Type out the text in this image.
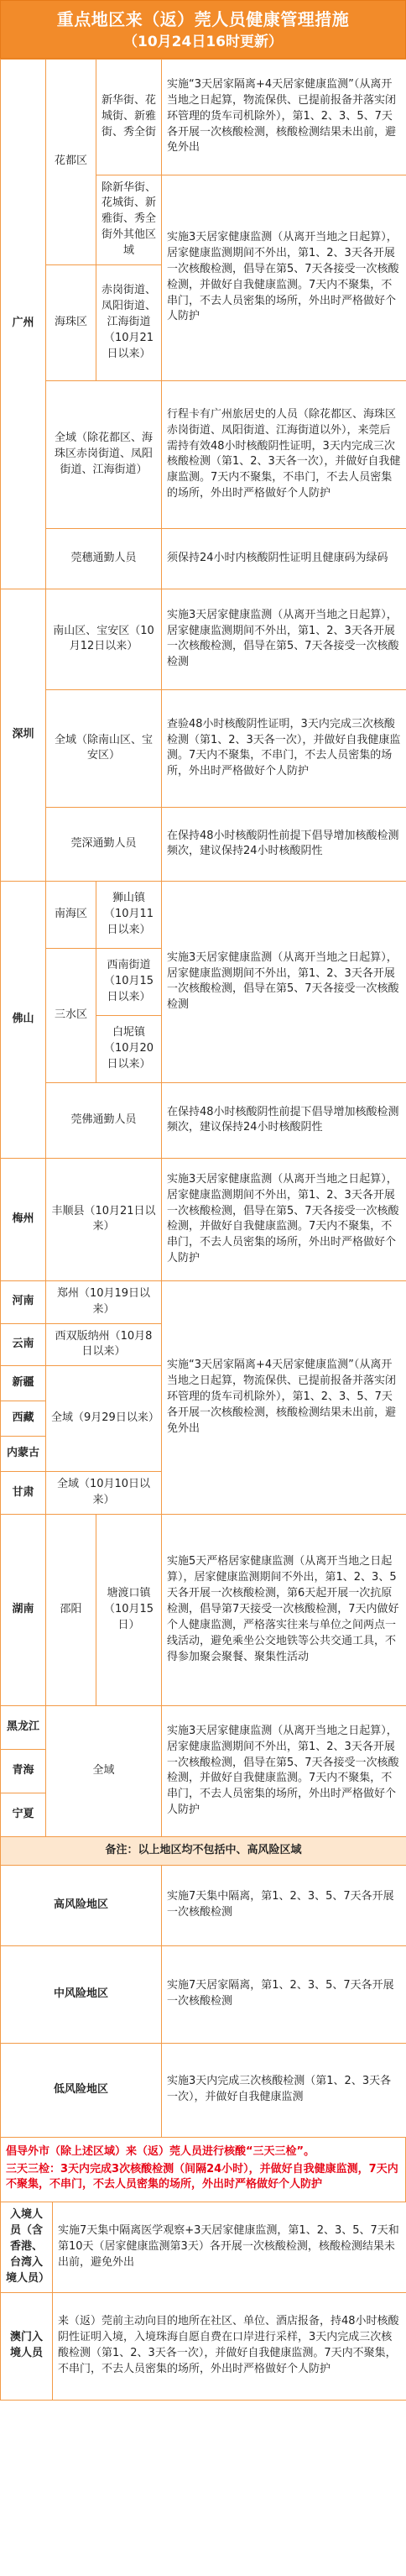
重点地区来（返）莞人员健康管理措施
（10月24日16时更新）
广州	花都区	新华街、花城街、新雅街、秀全街	实施“3天居家隔离+4天居家健康监测”（从离开当地之日起算，物流保供、已提前报备并落实闭环管理的货车司机除外），第1、2、3、5、7天各开展一次核酸检测，核酸检测结果未出前，避免外出
		除新华街、花城街、新雅街、秀全街外其他区域	实施3天居家健康监测（从离开当地之日起算），居家健康监测期间不外出，第1、2、3天各开展一次核酸检测，倡导在第5、7天各接受一次核酸检测，并做好自我健康监测。7天内不聚集，不串门，不去人员密集的场所，外出时严格做好个人防护
	海珠区	赤岗街道、凤阳街道、江海街道（10月21日以来）	
	全域（除花都区、海珠区赤岗街道、凤阳街道、江海街道）		行程卡有广州旅居史的人员（除花都区、海珠区赤岗街道、凤阳街道、江海街道以外），来莞后需持有效48小时核酸阴性证明，3天内完成三次核酸检测（第1、2、3天各一次），并做好自我健康监测。7天内不聚集，不串门，不去人员密集的场所，外出时严格做好个人防护
	莞穗通勤人员		须保持24小时内核酸阴性证明且健康码为绿码
深圳	南山区、宝安区（10月12日以来）		实施3天居家健康监测（从离开当地之日起算），居家健康监测期间不外出，第1、2、3天各开展一次核酸检测，倡导在第5、7天各接受一次核酸检测
	全域（除南山区、宝安区）		查验48小时核酸阴性证明，3天内完成三次核酸检测（第1、2、3天各一次），并做好自我健康监测。7天内不聚集，不串门，不去人员密集的场所，外出时严格做好个人防护
	莞深通勤人员		在保持48小时核酸阴性前提下倡导增加核酸检测频次，建议保持24小时核酸阴性
佛山	南海区	狮山镇（10月11日以来）	实施3天居家健康监测（从离开当地之日起算），居家健康监测期间不外出，第1、2、3天各开展一次核酸检测，倡导在第5、7天各接受一次核酸检测
	三水区	西南街道（10月15日以来）	
		白坭镇（10月20日以来）	
	莞佛通勤人员		在保持48小时核酸阴性前提下倡导增加核酸检测频次，建议保持24小时核酸阴性
梅州	丰顺县（10月21日以来）		实施3天居家健康监测（从离开当地之日起算），居家健康监测期间不外出，第1、2、3天各开展一次核酸检测，倡导在第5、7天各接受一次核酸检测，并做好自我健康监测。7天内不聚集，不串门，不去人员密集的场所，外出时严格做好个人防护
河南	郑州（10月19日以来）		实施“3天居家隔离+4天居家健康监测”（从离开当地之日起算，物流保供、已提前报备并落实闭环管理的货车司机除外），第1、2、3、5、7天各开展一次核酸检测，核酸检测结果未出前，避免外出
云南	西双版纳州（10月8日以来）		
新疆	全域（9月29日以来）		
西藏			
内蒙古			
甘肃	全域（10月10日以来）		
湖南	邵阳	塘渡口镇（10月15日）	实施5天严格居家健康监测（从离开当地之日起算），居家健康监测期间不外出，第1、2、3、5天各开展一次核酸检测，第6天起开展一次抗原检测，倡导第7天接受一次核酸检测，7天内做好个人健康监测，严格落实往来与单位之间两点一线活动，避免乘坐公交地铁等公共交通工具，不得参加聚会聚餐、聚集性活动
黑龙江	全域		实施3天居家健康监测（从离开当地之日起算），居家健康监测期间不外出，第1、2、3天各开展一次核酸检测，倡导在第5、7天各接受一次核酸检测，并做好自我健康监测。7天内不聚集，不串门，不去人员密集的场所，外出时严格做好个人防护
青海			
宁夏			
备注：以上地区均不包括中、高风险区域			
高风险地区			实施7天集中隔离，第1、2、3、5、7天各开展一次核酸检测
中风险地区			实施7天居家隔离，第1、2、3、5、7天各开展一次核酸检测
低风险地区			实施3天内完成三次核酸检测（第1、2、3天各一次），并做好自我健康监测

倡导外市（除上述区域）来（返）莞人员进行核酸“三天三检”。

三天三检：3天内完成3次核酸检测（间隔24小时），并做好自我健康监测，7天内不聚集，不串门，不去人员密集的场所，外出时严格做好个人防护

入境人员（含香港、台湾入境人员）	实施7天集中隔离医学观察+3天居家健康监测，第1、2、3、5、7天和第10天（居家健康监测第3天）各开展一次核酸检测，核酸检测结果未出前，避免外出
澳门入境人员	来（返）莞前主动向目的地所在社区、单位、酒店报备，持48小时核酸阴性证明入境，入境珠海自愿自费在口岸进行采样，3天内完成三次核酸检测（第1、2、3天各一次），并做好自我健康监测。7天内不聚集，不串门，不去人员密集的场所，外出时严格做好个人防护
